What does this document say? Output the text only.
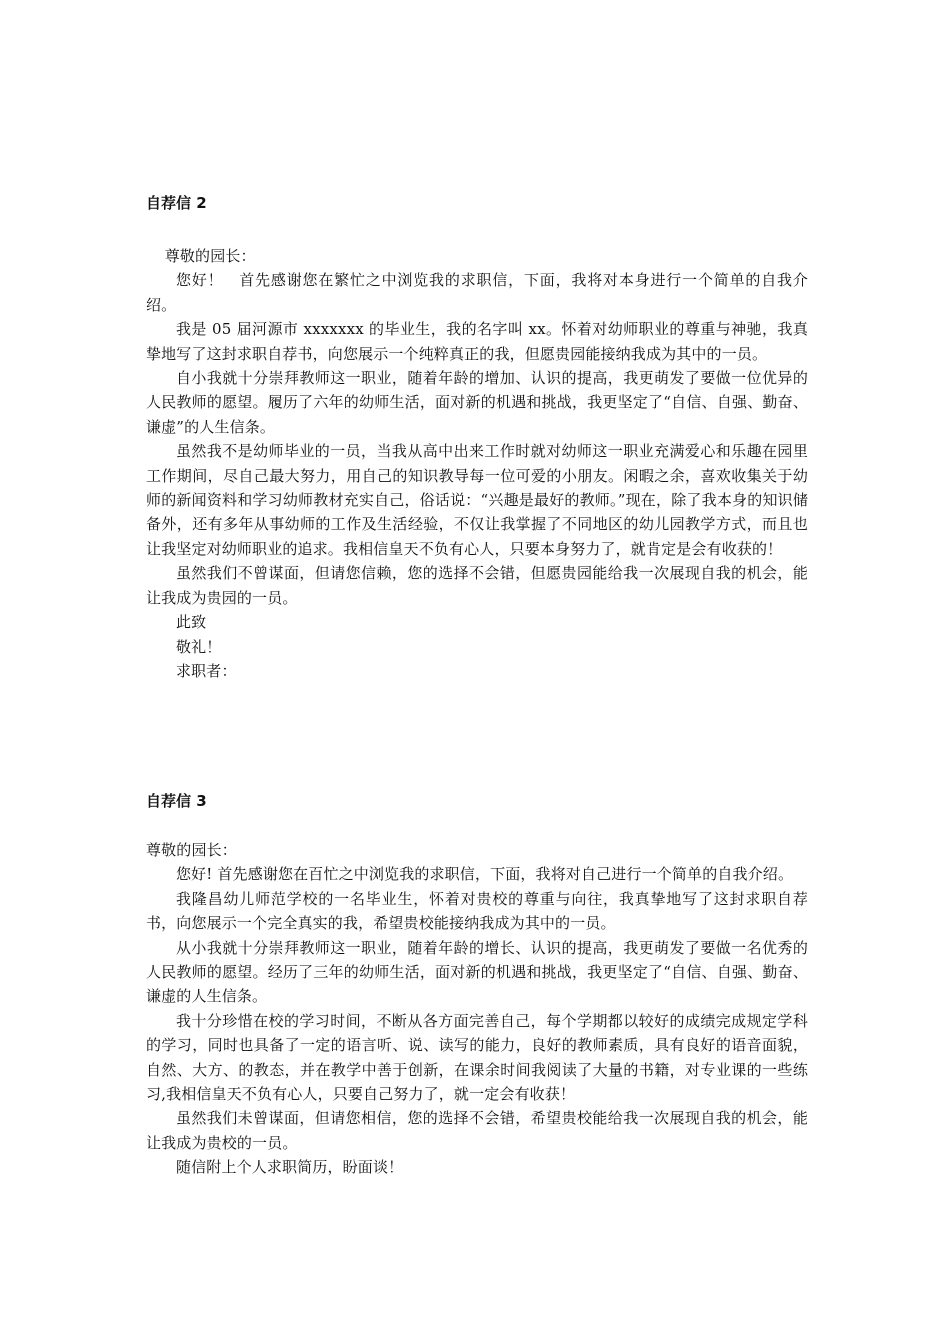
自荐信 2

尊敬的园长：

您好！　首先感谢您在繁忙之中浏览我的求职信，下面，我将对本身进行一个简单的自我介绍。

我是 05 届河源市 xxxxxxx 的毕业生，我的名字叫 xx。怀着对幼师职业的尊重与神驰，我真挚地写了这封求职自荐书，向您展示一个纯粹真正的我，但愿贵园能接纳我成为其中的一员。

自小我就十分崇拜教师这一职业，随着年龄的增加、认识的提高，我更萌发了要做一位优异的人民教师的愿望。履历了六年的幼师生活，面对新的机遇和挑战，我更坚定了“自信、自强、勤奋、谦虚”的人生信条。

虽然我不是幼师毕业的一员，当我从高中出来工作时就对幼师这一职业充满爱心和乐趣在园里工作期间，尽自己最大努力，用自己的知识教导每一位可爱的小朋友。闲暇之余，喜欢收集关于幼师的新闻资料和学习幼师教材充实自己，俗话说：“兴趣是最好的教师。”现在，除了我本身的知识储备外，还有多年从事幼师的工作及生活经验，不仅让我掌握了不同地区的幼儿园教学方式，而且也让我坚定对幼师职业的追求。我相信皇天不负有心人，只要本身努力了，就肯定是会有收获的！

虽然我们不曾谋面，但请您信赖，您的选择不会错，但愿贵园能给我一次展现自我的机会，能让我成为贵园的一员。

此致

敬礼！

求职者：

自荐信 3

尊敬的园长：

您好! 首先感谢您在百忙之中浏览我的求职信，下面，我将对自己进行一个简单的自我介绍。

我隆昌幼儿师范学校的一名毕业生，怀着对贵校的尊重与向往，我真挚地写了这封求职自荐书，向您展示一个完全真实的我，希望贵校能接纳我成为其中的一员。

从小我就十分崇拜教师这一职业，随着年龄的增长、认识的提高，我更萌发了要做一名优秀的人民教师的愿望。经历了三年的幼师生活，面对新的机遇和挑战，我更坚定了“自信、自强、勤奋、谦虚的人生信条。

我十分珍惜在校的学习时间，不断从各方面完善自己，每个学期都以较好的成绩完成规定学科的学习，同时也具备了一定的语言听、说、读写的能力，良好的教师素质，具有良好的语音面貌，自然、大方、的教态，并在教学中善于创新，在课余时间我阅读了大量的书籍，对专业课的一些练习,我相信皇天不负有心人，只要自己努力了，就一定会有收获！

虽然我们未曾谋面，但请您相信，您的选择不会错，希望贵校能给我一次展现自我的机会，能让我成为贵校的一员。

随信附上个人求职简历，盼面谈！
